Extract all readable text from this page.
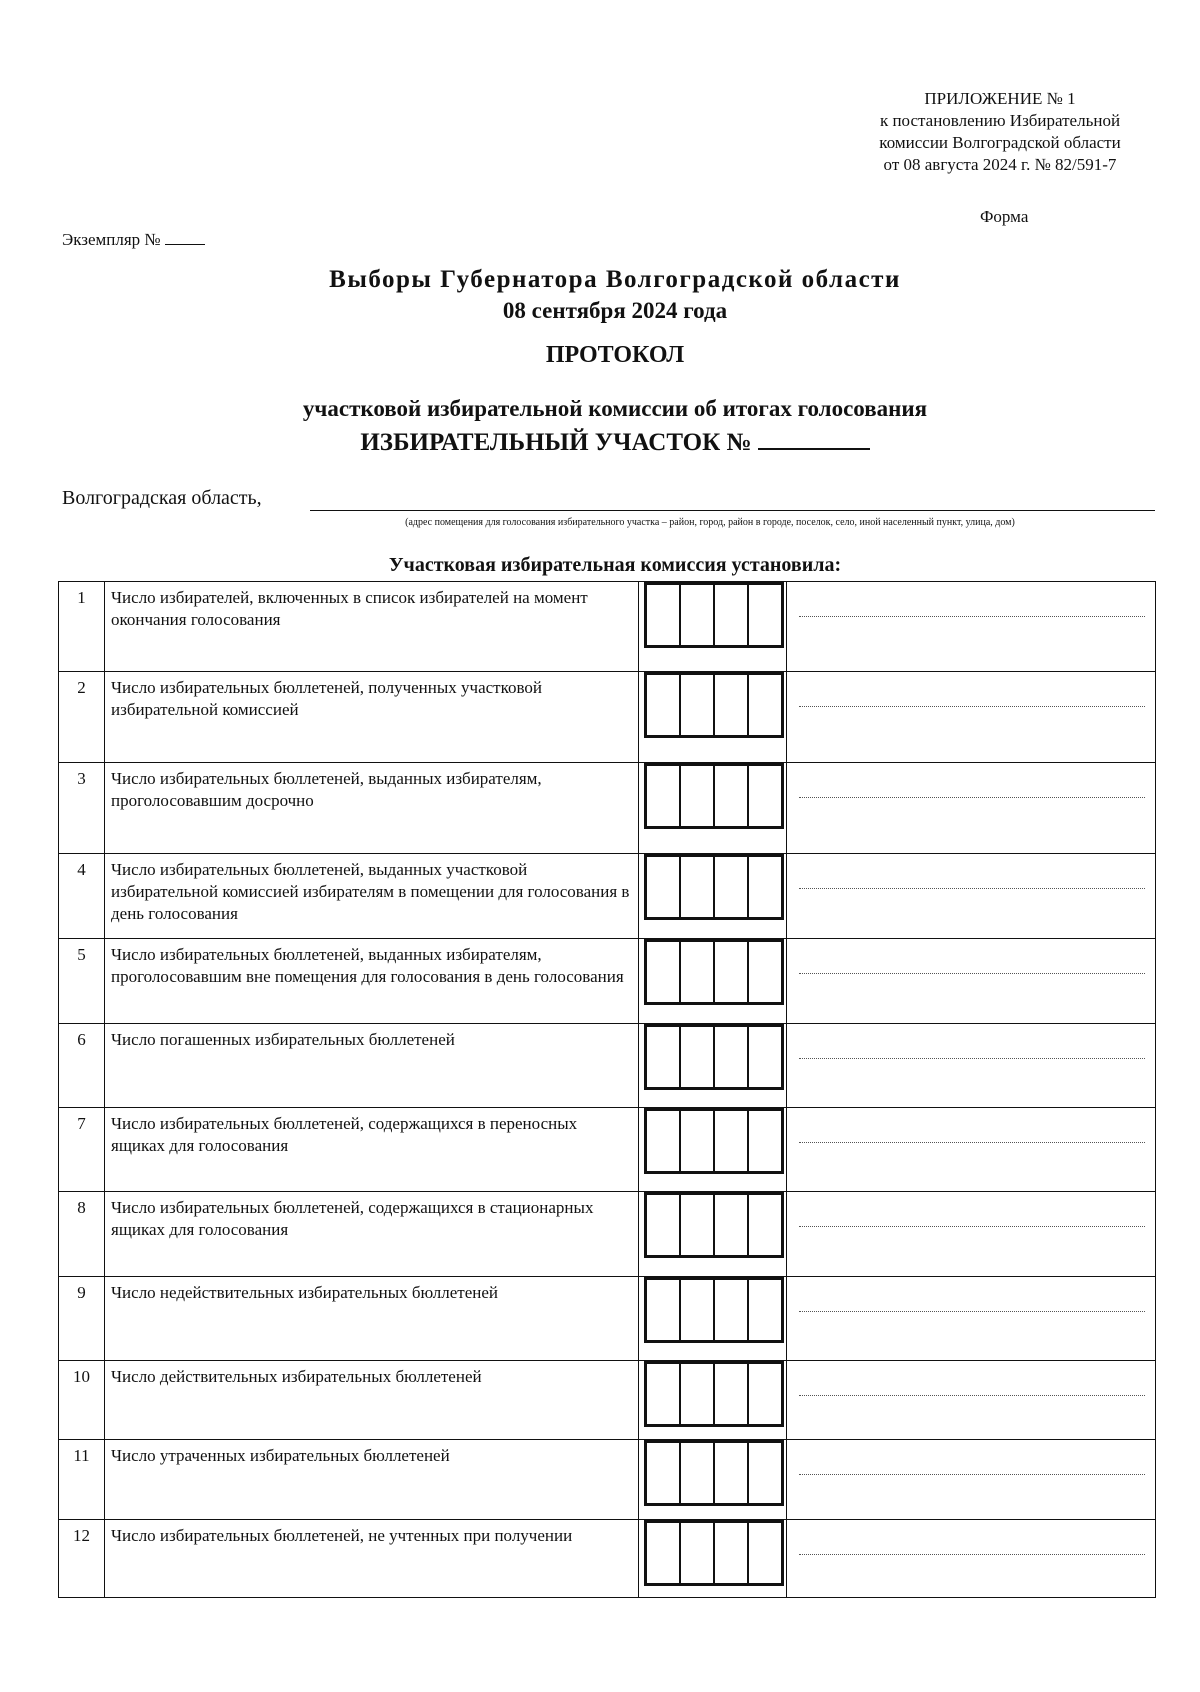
ПРИЛОЖЕНИЕ № 1
к постановлению Избирательной
комиссии Волгоградской области
от 08 августа 2024 г. № 82/591-7
Форма
Экземпляр №
Выборы Губернатора Волгоградской области
08 сентября 2024 года
ПРОТОКОЛ
участковой избирательной комиссии об итогах голосования
ИЗБИРАТЕЛЬНЫЙ УЧАСТОК №
Волгоградская область,
(адрес помещения для голосования избирательного участка – район, город, район в городе, поселок, село, иной населенный пункт, улица, дом)
Участковая избирательная комиссия установила:
1	Число избирателей, включенных в список избирателей на момент окончания голосования	

2	Число избирательных бюллетеней, полученных участковой избирательной комиссией	

3	Число избирательных бюллетеней, выданных избирателям, проголосовавшим досрочно	

4	Число избирательных бюллетеней, выданных участковой избирательной комиссией избирателям в помещении для голосования в день голосования	

5	Число избирательных бюллетеней, выданных избирателям, проголосовавшим вне помещения для голосования в день голосования	

6	Число погашенных избирательных бюллетеней	

7	Число избирательных бюллетеней, содержащихся в переносных ящиках для голосования	

8	Число избирательных бюллетеней, содержащихся в стационарных ящиках для голосования	

9	Число недействительных избирательных бюллетеней	

10	Число действительных избирательных бюллетеней	

11	Число утраченных избирательных бюллетеней	

12	Число избирательных бюллетеней, не учтенных при получении	
